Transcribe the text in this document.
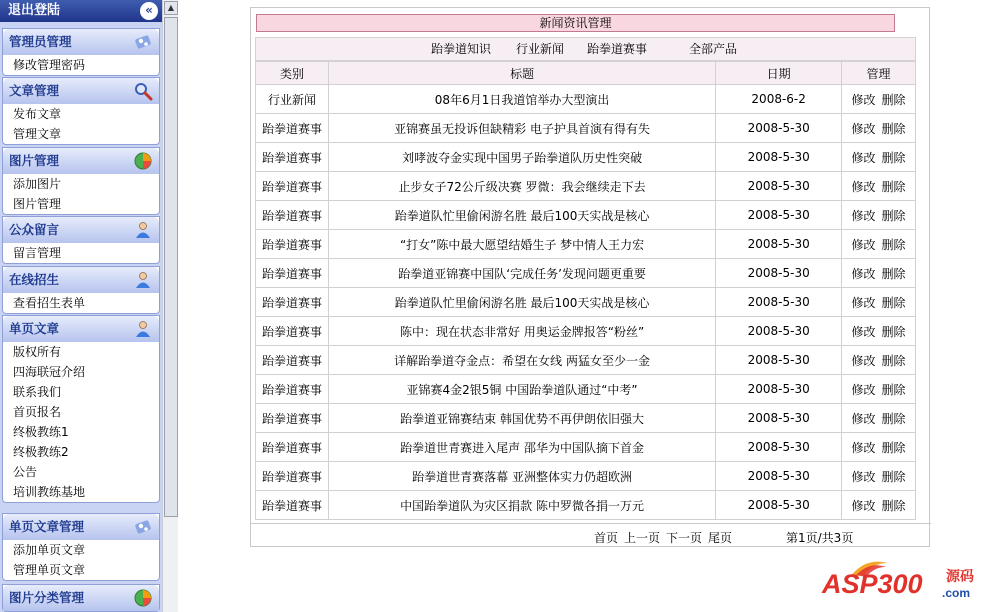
退出登陆	«
管理员管理
修改管理密码
文章管理
发布文章
管理文章
图片管理
添加图片
图片管理
公众留言
留言管理
在线招生
查看招生表单
单页文章
版权所有
四海联冠介绍
联系我们
首页报名
终极教练1
终极教练2
公告
培训教练基地
单页文章管理
添加单页文章
管理单页文章
图片分类管理
▲
新闻资讯管理
跆拳道知识 行业新闻 跆拳道赛事	全部产品
类别	标题	日期	管理
行业新闻	08年6月1日我道馆举办大型演出	2008-6-2	修改 删除
跆拳道赛事	亚锦赛虽无投诉但缺精彩 电子护具首演有得有失	2008-5-30	修改 删除
跆拳道赛事	刘哮波夺金实现中国男子跆拳道队历史性突破	2008-5-30	修改 删除
跆拳道赛事	止步女子72公斤级决赛 罗微：我会继续走下去	2008-5-30	修改 删除
跆拳道赛事	跆拳道队忙里偷闲游名胜 最后100天实战是核心	2008-5-30	修改 删除
跆拳道赛事	“打女”陈中最大愿望结婚生子 梦中情人王力宏	2008-5-30	修改 删除
跆拳道赛事	跆拳道亚锦赛中国队‘完成任务’发现问题更重要	2008-5-30	修改 删除
跆拳道赛事	跆拳道队忙里偷闲游名胜 最后100天实战是核心	2008-5-30	修改 删除
跆拳道赛事	陈中：现在状态非常好 用奥运金牌报答“粉丝”	2008-5-30	修改 删除
跆拳道赛事	详解跆拳道夺金点：希望在女线 两猛女至少一金	2008-5-30	修改 删除
跆拳道赛事	亚锦赛4金2银5铜 中国跆拳道队通过“中考”	2008-5-30	修改 删除
跆拳道赛事	跆拳道亚锦赛结束 韩国优势不再伊朗依旧强大	2008-5-30	修改 删除
跆拳道赛事	跆拳道世青赛进入尾声 邵华为中国队摘下首金	2008-5-30	修改 删除
跆拳道赛事	跆拳道世青赛落幕 亚洲整体实力仍超欧洲	2008-5-30	修改 删除
跆拳道赛事	中国跆拳道队为灾区捐款 陈中罗微各捐一万元	2008-5-30	修改 删除
首页 上一页 下一页 尾页	第1页/共3页
ASP300 源码
.com
